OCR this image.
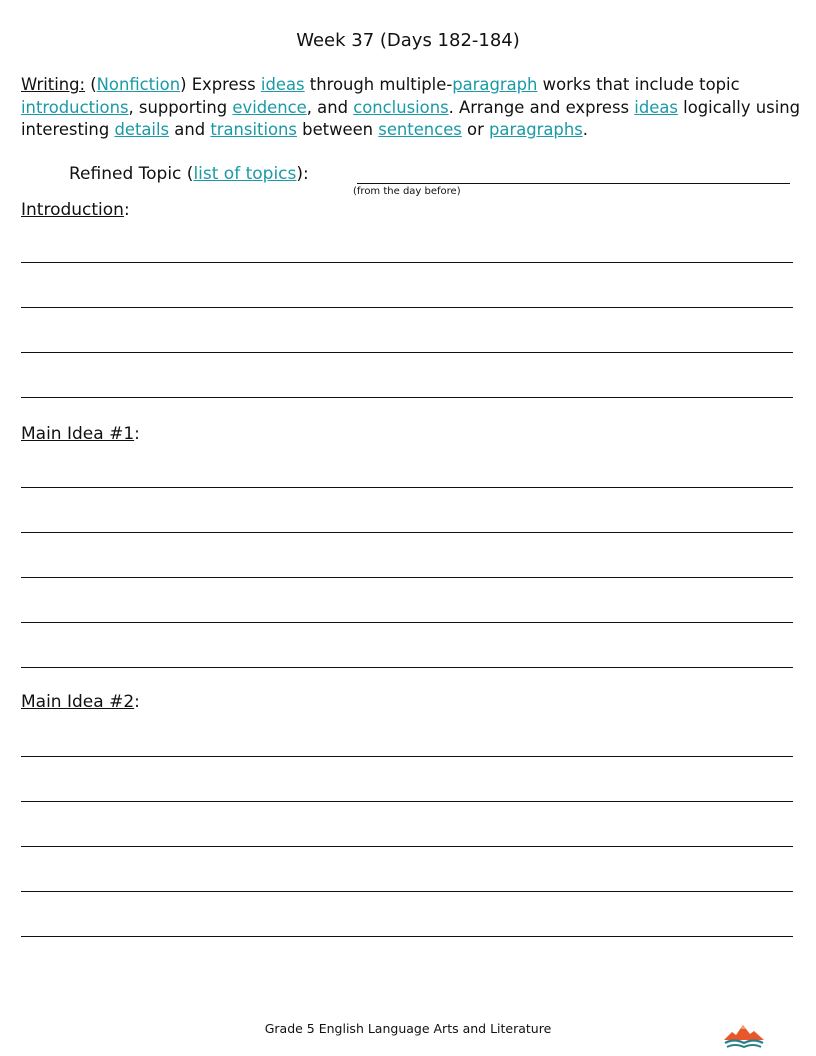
Week 37 (Days 182-184)
Writing: (Nonfiction) Express ideas through multiple-paragraph works that include topic introductions, supporting evidence, and conclusions. Arrange and express ideas logically using interesting details and transitions between sentences or paragraphs.
Refined Topic (list of topics):
(from the day before)
Introduction:
Main Idea #1:
Main Idea #2:
Grade 5 English Language Arts and Literature
